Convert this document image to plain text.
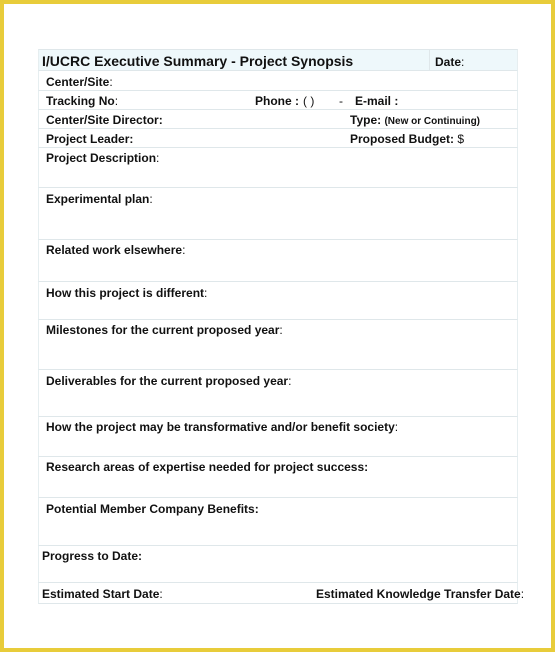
I/UCRC Executive Summary - Project Synopsis	Date:
Center/Site:
Tracking No:	Phone : ( ) - E-mail :
Center/Site Director:	Type: (New or Continuing)
Project Leader:	Proposed Budget: $
Project Description:
Experimental plan:
Related work elsewhere:
How this project is different:
Milestones for the current proposed year:
Deliverables for the current proposed year:
How the project may be transformative and/or benefit society:
Research areas of expertise needed for project success:
Potential Member Company Benefits:
Progress to Date:
Estimated Start Date:	Estimated Knowledge Transfer Date:
